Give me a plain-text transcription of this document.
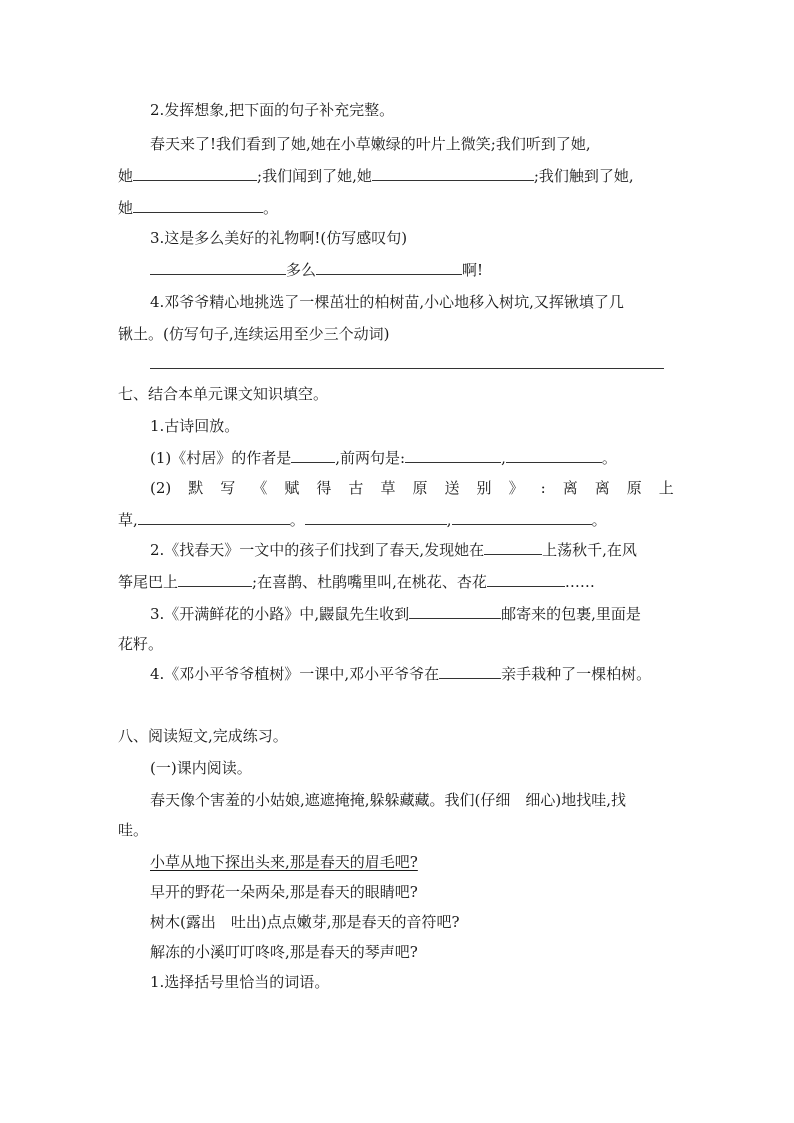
2.发挥想象,把下面的句子补充完整。
春天来了!我们看到了她,她在小草嫩绿的叶片上微笑;我们听到了她,
她	;我们闻到了她,她	;我们触到了她,
她	。
3.这是多么美好的礼物啊!(仿写感叹句)
多么	啊!
4.邓爷爷精心地挑选了一棵茁壮的柏树苗,小心地移入树坑,又挥锹填了几
锹土。(仿写句子,连续运用至少三个动词)
七、结合本单元课文知识填空。
1.古诗回放。
(1)《村居》的作者是	,前两句是:	,	。
(2) 默 写 《 赋 得 古 草 原 送 别 》 : 离 离 原 上
草,	。	,	。
2.《找春天》一文中的孩子们找到了春天,发现她在	上荡秋千,在风
筝尾巴上	;在喜鹊、杜鹃嘴里叫,在桃花、杏花	……
3.《开满鲜花的小路》中,鼹鼠先生收到	邮寄来的包裹,里面是
花籽。
4.《邓小平爷爷植树》一课中,邓小平爷爷在	亲手栽种了一棵柏树。
八、阅读短文,完成练习。
(一)课内阅读。
春天像个害羞的小姑娘,遮遮掩掩,躲躲藏藏。我们(仔细　细心)地找哇,找
哇。
小草从地下探出头来,那是春天的眉毛吧?
早开的野花一朵两朵,那是春天的眼睛吧?
树木(露出　吐出)点点嫩芽,那是春天的音符吧?
解冻的小溪叮叮咚咚,那是春天的琴声吧?
1.选择括号里恰当的词语。
